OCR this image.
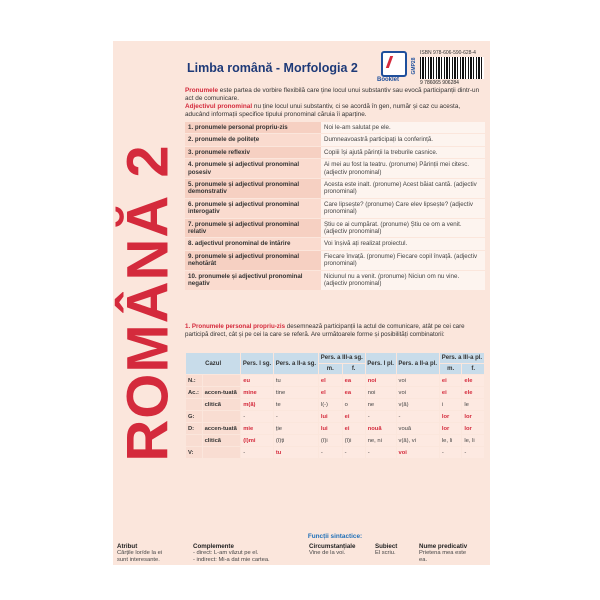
ROMÂNĂ 2
Limba română - Morfologia 2
Booklet
GMP28
ISBN 978-606-590-628-4
9 786065 906284
Pronumele este partea de vorbire flexibilă care ține locul unui substantiv sau evocă participanții dintr-un act de comunicare.
Adjectivul pronominal nu ține locul unui substantiv, ci se acordă în gen, număr și caz cu acesta, aducând informații specifice tipului pronominal căruia îi aparține.
1. pronumele personal propriu-zis	Noi le-am salutat pe ele.
2. pronumele de politețe	Dumneavoastră participați la conferință.
3. pronumele reflexiv	Copiii își ajută părinții la treburile casnice.
4. pronumele și adjectivul pronominal posesiv	Ai mei au fost la teatru. (pronume) Părinții mei citesc. (adjectiv pronominal)
5. pronumele și adjectivul pronominal demonstrativ	Acesta este inalt. (pronume) Acest băiat cantă. (adjectiv pronominal)
6. pronumele și adjectivul pronominal interogativ	Care lipsește? (pronume) Care elev lipsește? (adjectiv pronominal)
7. pronumele și adjectivul pronominal relativ	Știu ce ai cumpărat. (pronume) Știu ce om a venit. (adjectiv pronominal)
8. adjectivul pronominal de întărire	Voi înșivă ați realizat proiectul.
9. pronumele și adjectivul pronominal nehotărât	Fiecare învață. (pronume) Fiecare copil învață. (adjectiv pronominal)
10. pronumele și adjectivul pronominal negativ	Niciunul nu a venit. (pronume) Niciun om nu vine. (adjectiv pronominal)
1. Pronumele personal propriu-zis desemnează participanții la actul de comunicare, atât pe cei care participă direct, cât și pe cei la care se referă. Are următoarele forme și posibilități combinatorii:
Cazul		Pers. I sg.	Pers. a II-a sg.	Pers. a III-a sg.		Pers. I pl.	Pers. a II-a pl.	Pers. a III-a pl.	
				m.	f.			m.	f.
N.:		eu	tu	el	ea	noi	voi	ei	ele
Ac.:	accen-tuată	mine	tine	el	ea	noi	voi	ei	ele
	clitică	m(ă)	te	l(-)	o	ne	v(ă)	i	le
G:		-	-	lui	ei	-	-	lor	lor
D:	accen-tuată	mie	ție	lui	ei	nouă	vouă	lor	lor
	clitică	(î)mi	(î)ți	(î)i	(î)i	ne, ni	v(ă), vi	le, li	le, li
V:		-	tu	-	-	-	voi	-	-
Funcții sintactice:
Atribut
Cărțile lor/de la ei
sunt interesante.
Complemente
- direct: L-am văzut pe el.
- indirect: Mi-a dat mie cartea.
Circumstanțiale
Vine de la voi.
Subiect
El scriu.
Nume predicativ
Prietena mea este
ea.
